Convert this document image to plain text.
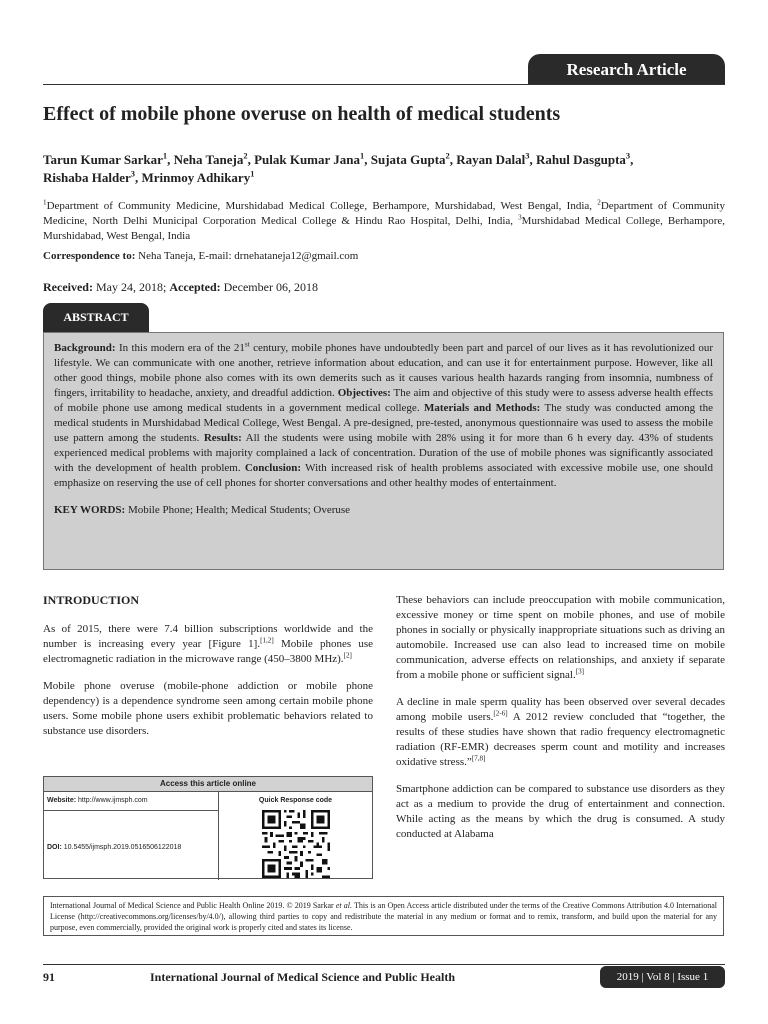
Research Article
Effect of mobile phone overuse on health of medical students
Tarun Kumar Sarkar$^1$, Neha Taneja$^2$, Pulak Kumar Jana$^1$, Sujata Gupta$^2$, Rayan Dalal$^3$, Rahul Dasgupta$^3$,
Rishaba Halder$^3$, Mrinmoy Adhikary$^1$
$^1$Department of Community Medicine, Murshidabad Medical College, Berhampore, Murshidabad, West Bengal, India, $^2$Department of Community Medicine, North Delhi Municipal Corporation Medical College & Hindu Rao Hospital, Delhi, India, $^3$Murshidabad Medical College, Berhampore, Murshidabad, West Bengal, India
Correspondence to: Neha Taneja, E-mail: drnehataneja12@gmail.com
Received: May 24, 2018; Accepted: December 06, 2018
ABSTRACT

Background: In this modern era of the 21st century, mobile phones have undoubtedly been part and parcel of our lives as it has revolutionized our lifestyle. We can communicate with one another, retrieve information about education, and can use it for entertainment purpose. However, like all other good things, mobile phone also comes with its own demerits such as it causes various health hazards ranging from insomnia, numbness of fingers, irritability to headache, anxiety, and dreadful addiction. Objectives: The aim and objective of this study were to assess adverse health effects of mobile phone use among medical students in a government medical college. Materials and Methods: The study was conducted among the medical students in Murshidabad Medical College, West Bengal. A pre-designed, pre-tested, anonymous questionnaire was used to assess the mobile use pattern among the students. Results: All the students were using mobile with 28% using it for more than 6 h every day. 43% of students experienced medical problems with majority complained a lack of concentration. Duration of the use of mobile phones was significantly associated with the development of health problem. Conclusion: With increased risk of health problems associated with excessive mobile use, one should emphasize on reserving the use of cell phones for shorter conversations and other healthy modes of entertainment.

KEY WORDS: Mobile Phone; Health; Medical Students; Overuse

INTRODUCTION

As of 2015, there were 7.4 billion subscriptions worldwide and the number is increasing every year [Figure 1].[1,2] Mobile phones use electromagnetic radiation in the microwave range (450–3800 MHz).[2]

Mobile phone overuse (mobile-phone addiction or mobile phone dependency) is a dependence syndrome seen among certain mobile phone users. Some mobile phone users exhibit problematic behaviors related to substance use disorders.

These behaviors can include preoccupation with mobile communication, excessive money or time spent on mobile phones, and use of mobile phones in socially or physically inappropriate situations such as driving an automobile. Increased use can also lead to increased time on mobile communication, adverse effects on relationships, and anxiety if separate from a mobile phone or sufficient signal.[3]

A decline in male sperm quality has been observed over several decades among mobile users.[2-6] A 2012 review concluded that “together, the results of these studies have shown that radio frequency electromagnetic radiation (RF-EMR) decreases sperm count and motility and increases oxidative stress.”[7,8]

Smartphone addiction can be compared to substance use disorders as they act as a medium to provide the drug of entertainment and connection. While acting as the means by which the drug is consumed. A study conducted at Alabama

Access this article online
Website: http://www.ijmsph.com
DOI: 10.5455/ijmsph.2019.0516506122018
Quick Response code
International Journal of Medical Science and Public Health Online 2019. © 2019 Sarkar et al. This is an Open Access article distributed under the terms of the Creative Commons Attribution 4.0 International License (http://creativecommons.org/licenses/by/4.0/), allowing third parties to copy and redistribute the material in any medium or format and to remix, transform, and build upon the material for any purpose, even commercially, provided the original work is properly cited and states its license.
91	International Journal of Medical Science and Public Health	2019 | Vol 8 | Issue 1
